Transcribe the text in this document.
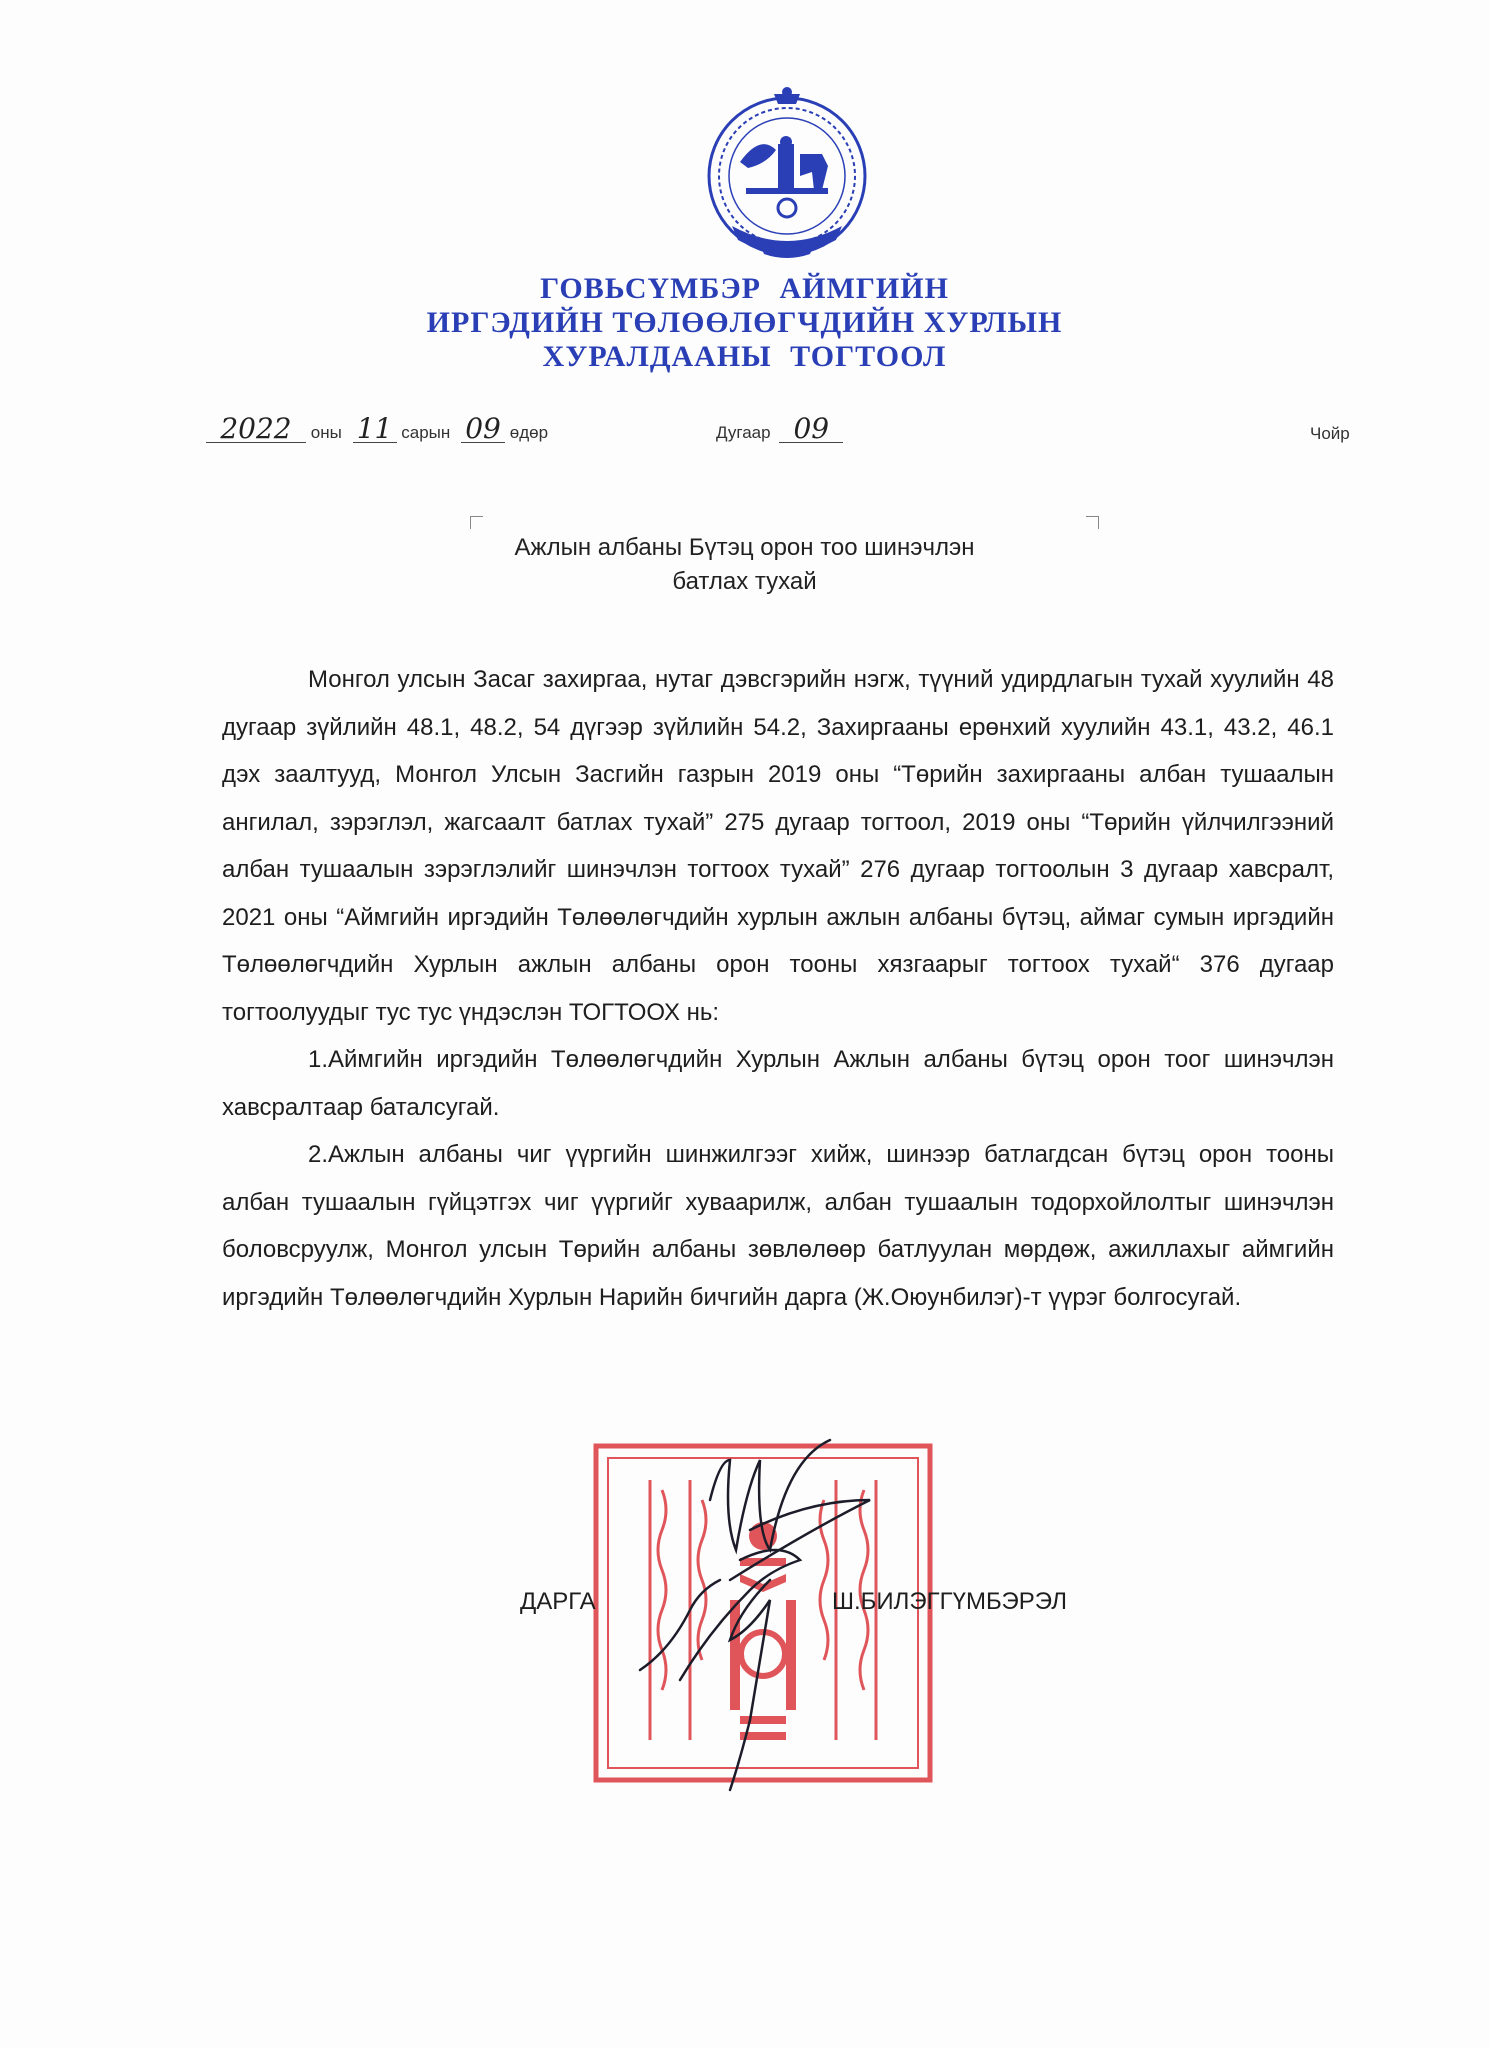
ГОВЬСҮМБЭР АЙМГИЙН
ИРГЭДИЙН ТӨЛӨӨЛӨГЧДИЙН ХУРЛЫН
ХУРАЛДААНЫ ТОГТООЛ
2022 оны 11 сарын 09 өдөр	Дугаар 09	Чойр
Ажлын албаны Бүтэц орон тоо шинэчлэн
батлах тухай

Монгол улсын Засаг захиргаа, нутаг дэвсгэрийн нэгж, түүний удирдлагын тухай хуулийн 48 дугаар зүйлийн 48.1, 48.2, 54 дүгээр зүйлийн 54.2, Захиргааны ерөнхий хуулийн 43.1, 43.2, 46.1 дэх заалтууд, Монгол Улсын Засгийн газрын 2019 оны “Төрийн захиргааны албан тушаалын ангилал, зэрэглэл, жагсаалт батлах тухай” 275 дугаар тогтоол, 2019 оны “Төрийн үйлчилгээний албан тушаалын зэрэглэлийг шинэчлэн тогтоох тухай” 276 дугаар тогтоолын 3 дугаар хавсралт, 2021 оны “Аймгийн иргэдийн Төлөөлөгчдийн хурлын ажлын албаны бүтэц, аймаг сумын иргэдийн Төлөөлөгчдийн Хурлын ажлын албаны орон тооны хязгаарыг тогтоох тухай“ 376 дугаар тогтоолуудыг тус тус үндэслэн ТОГТООХ нь:

1.Аймгийн иргэдийн Төлөөлөгчдийн Хурлын Ажлын албаны бүтэц орон тоог шинэчлэн хавсралтаар баталсугай.

2.Ажлын албаны чиг үүргийн шинжилгээг хийж, шинээр батлагдсан бүтэц орон тооны албан тушаалын гүйцэтгэх чиг үүргийг хуваарилж, албан тушаалын тодорхойлолтыг шинэчлэн боловсруулж, Монгол улсын Төрийн албаны зөвлөлөөр батлуулан мөрдөж, ажиллахыг аймгийн иргэдийн Төлөөлөгчдийн Хурлын Нарийн бичгийн дарга (Ж.Оюунбилэг)-т үүрэг болгосугай.

ДАРГА	Ш.БИЛЭГГҮМБЭРЭЛ
